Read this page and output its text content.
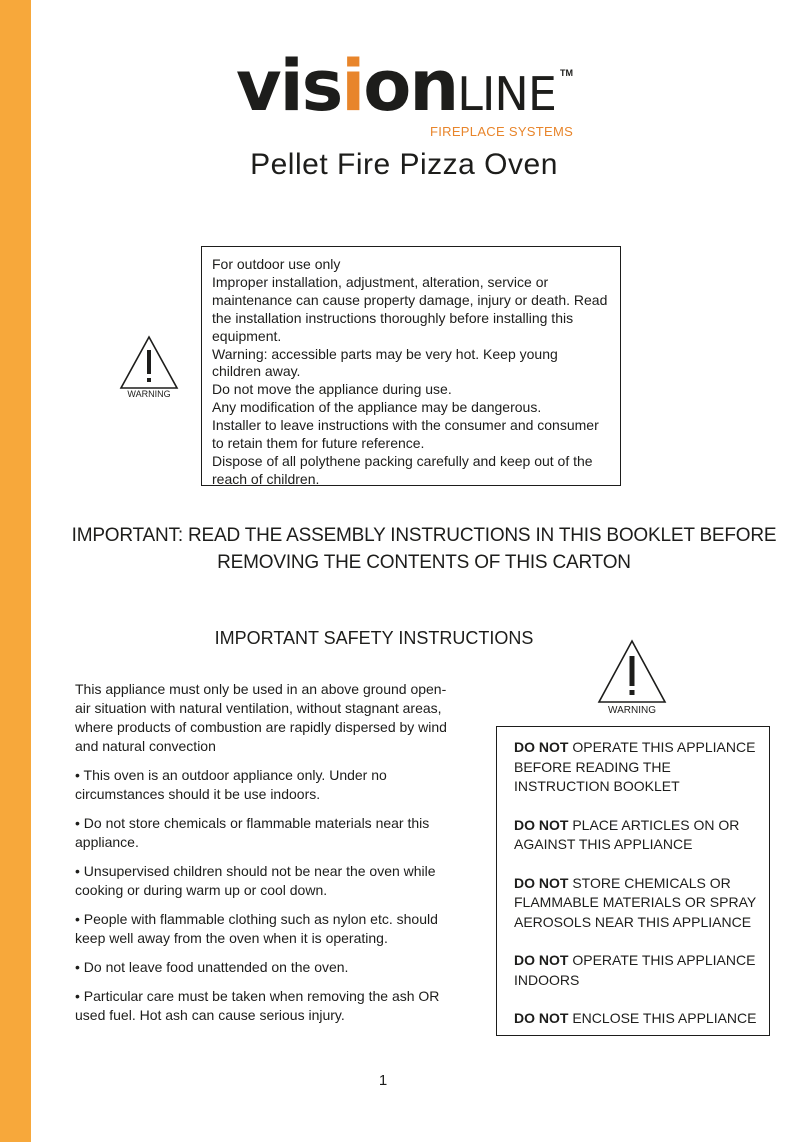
visionLINE TM
FIREPLACE SYSTEMS
Pellet Fire Pizza Oven
WARNING

For outdoor use only

Improper installation, adjustment, alteration, service or maintenance can cause property damage, injury or death. Read the installation instructions thoroughly before installing this equipment.

Warning: accessible parts may be very hot. Keep young children away.

Do not move the appliance during use.

Any modification of the appliance may be dangerous.

Installer to leave instructions with the consumer and consumer to retain them for future reference.

Dispose of all polythene packing carefully and keep out of the reach of children.

IMPORTANT: READ THE ASSEMBLY INSTRUCTIONS IN THIS BOOKLET BEFORE REMOVING THE CONTENTS OF THIS CARTON
IMPORTANT SAFETY INSTRUCTIONS

This appliance must only be used in an above ground open-air situation with natural ventilation, without stagnant areas, where products of combustion are rapidly dispersed by wind and natural convection

• This oven is an outdoor appliance only. Under no circumstances should it be use indoors.

• Do not store chemicals or flammable materials near this appliance.

• Unsupervised children should not be near the oven while cooking or during warm up or cool down.

• People with flammable clothing such as nylon etc. should keep well away from the oven when it is operating.

• Do not leave food unattended on the oven.

• Particular care must be taken when removing the ash OR used fuel. Hot ash can cause serious injury.

WARNING
DO NOT OPERATE THIS APPLIANCE BEFORE READING THE INSTRUCTION BOOKLET
DO NOT PLACE ARTICLES ON OR AGAINST THIS APPLIANCE
DO NOT STORE CHEMICALS OR FLAMMABLE MATERIALS OR SPRAY AEROSOLS NEAR THIS APPLIANCE
DO NOT OPERATE THIS APPLIANCE INDOORS
DO NOT ENCLOSE THIS APPLIANCE
1
